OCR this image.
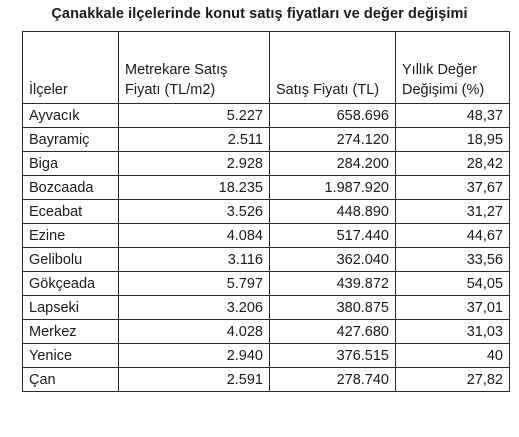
Çanakkale ilçelerinde konut satış fiyatları ve değer değişimi
İlçeler	Metrekare Satış Fiyatı (TL/m2)	Satış Fiyatı (TL)	Yıllık Değer Değişimi (%)
Ayvacık	5.227	658.696	48,37
Bayramiç	2.511	274.120	18,95
Biga	2.928	284.200	28,42
Bozcaada	18.235	1.987.920	37,67
Eceabat	3.526	448.890	31,27
Ezine	4.084	517.440	44,67
Gelibolu	3.116	362.040	33,56
Gökçeada	5.797	439.872	54,05
Lapseki	3.206	380.875	37,01
Merkez	4.028	427.680	31,03
Yenice	2.940	376.515	40
Çan	2.591	278.740	27,82
